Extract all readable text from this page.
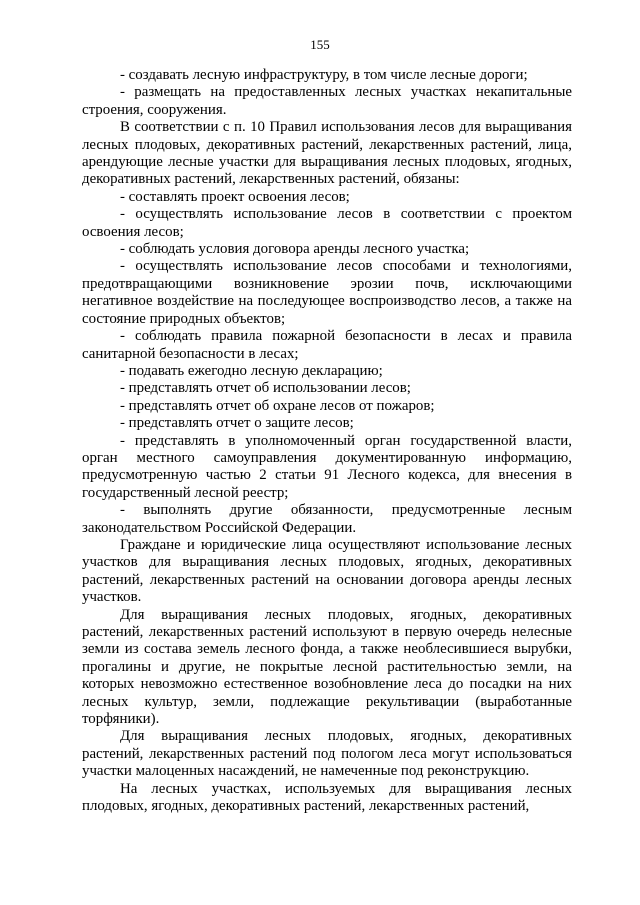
155

- создавать лесную инфраструктуру, в том числе лесные дороги;

- размещать на предоставленных лесных участках некапитальные строения, сооружения.

В соответствии с п. 10 Правил использования лесов для выращивания лесных плодовых, декоративных растений, лекарственных растений, лица, арендующие лесные участки для выращивания лесных плодовых, ягодных, декоративных растений, лекарственных растений, обязаны:

- составлять проект освоения лесов;

- осуществлять использование лесов в соответствии с проектом освоения лесов;

- соблюдать условия договора аренды лесного участка;

- осуществлять использование лесов способами и технологиями, предотвращающими возникновение эрозии почв, исключающими негативное воздействие на последующее воспроизводство лесов, а также на состояние природных объектов;

- соблюдать правила пожарной безопасности в лесах и правила санитарной безопасности в лесах;

- подавать ежегодно лесную декларацию;

- представлять отчет об использовании лесов;

- представлять отчет об охране лесов от пожаров;

- представлять отчет о защите лесов;

- представлять в уполномоченный орган государственной власти, орган местного самоуправления документированную информацию, предусмотренную частью 2 статьи 91 Лесного кодекса, для внесения в государственный лесной реестр;

- выполнять другие обязанности, предусмотренные лесным законодательством Российской Федерации.

Граждане и юридические лица осуществляют использование лесных участков для выращивания лесных плодовых, ягодных, декоративных растений, лекарственных растений на основании договора аренды лесных участков.

Для выращивания лесных плодовых, ягодных, декоративных растений, лекарственных растений используют в первую очередь нелесные земли из состава земель лесного фонда, а также необлесившиеся вырубки, прогалины и другие, не покрытые лесной растительностью земли, на которых невозможно естественное возобновление леса до посадки на них лесных культур, земли, подлежащие рекультивации (выработанные торфяники).

Для выращивания лесных плодовых, ягодных, декоративных растений, лекарственных растений под пологом леса могут использоваться участки малоценных насаждений, не намеченные под реконструкцию.

На лесных участках, используемых для выращивания лесных плодовых, ягодных, декоративных растений, лекарственных растений,
